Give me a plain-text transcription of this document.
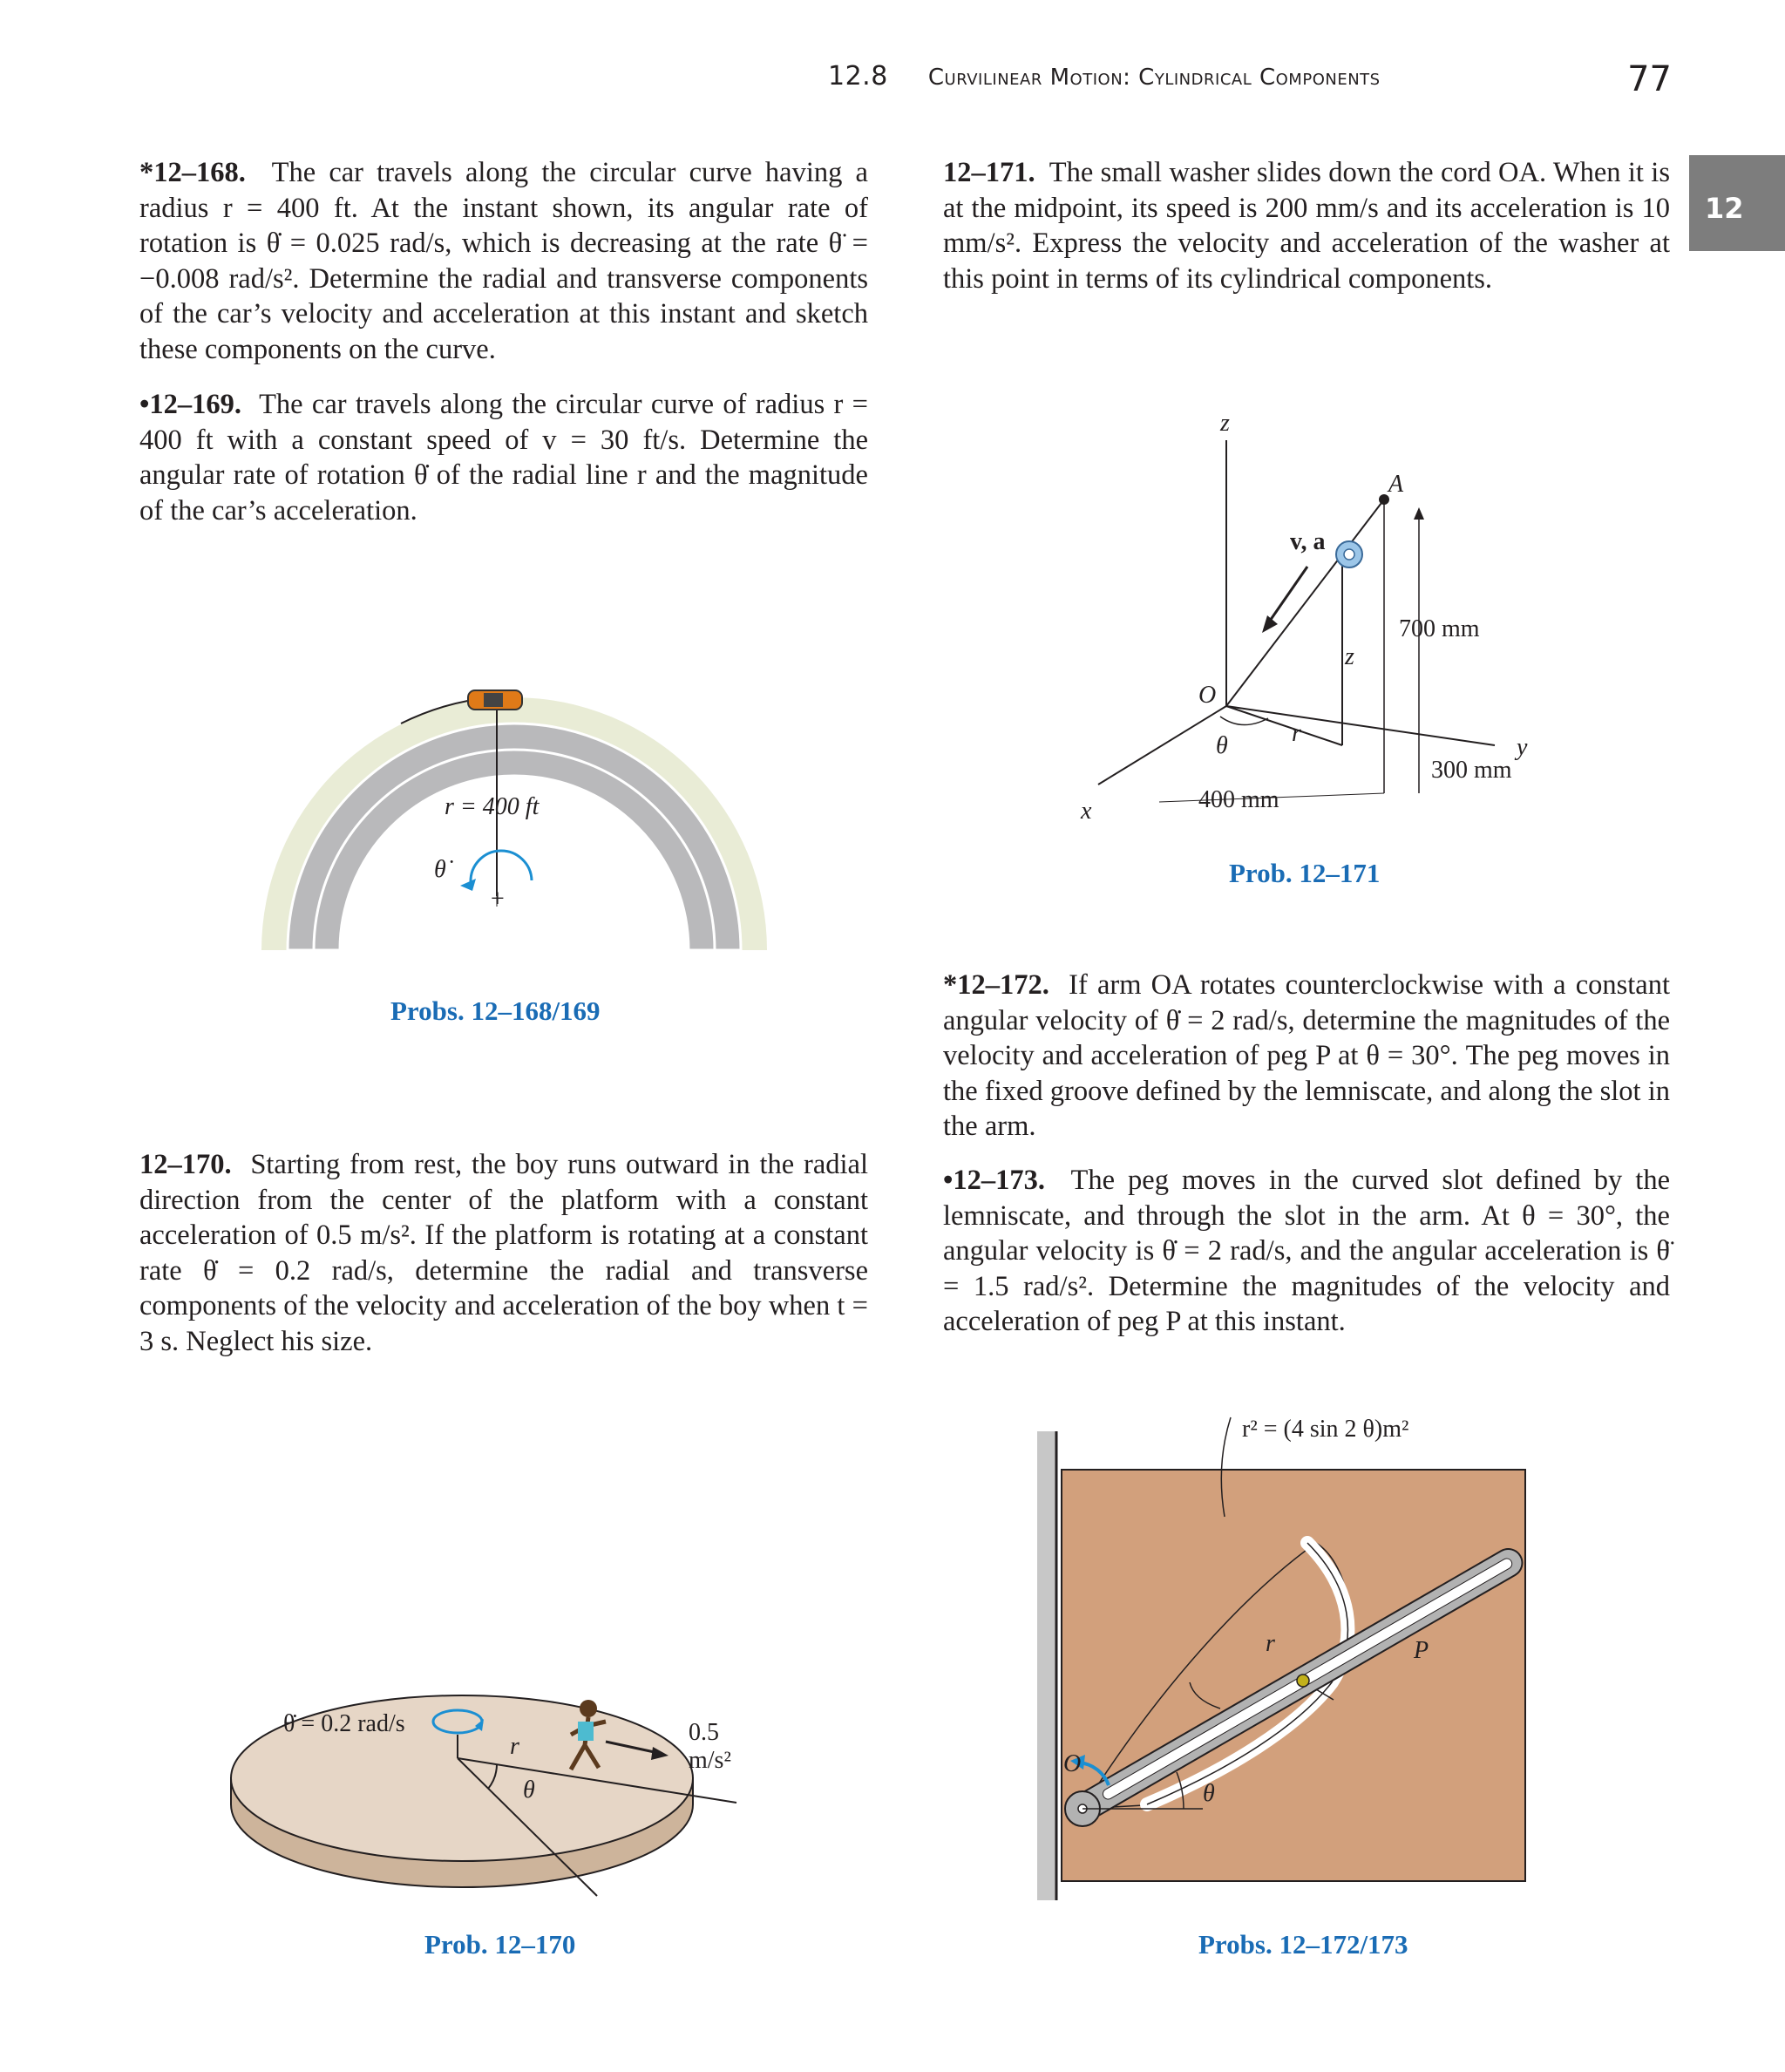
12.8 Curvilinear Motion: Cylindrical Components	77
12
*12–168. The car travels along the circular curve having a radius r = 400 ft. At the instant shown, its angular rate of rotation is θ̇ = 0.025 rad/s, which is decreasing at the rate θ̈ = −0.008 rad/s². Determine the radial and transverse components of the car’s velocity and acceleration at this instant and sketch these components on the curve.
•12–169. The car travels along the circular curve of radius r = 400 ft with a constant speed of v = 30 ft/s. Determine the angular rate of rotation θ̇ of the radial line r and the magnitude of the car’s acceleration.
r = 400 ft
θ̇
+
Probs. 12–168/169
12–170. Starting from rest, the boy runs outward in the radial direction from the center of the platform with a constant acceleration of 0.5 m/s². If the platform is rotating at a constant rate θ̇ = 0.2 rad/s, determine the radial and transverse components of the velocity and acceleration of the boy when t = 3 s. Neglect his size.
θ̇ = 0.2 rad/s	0.5 m/s²
r
θ
Prob. 12–170
12–171. The small washer slides down the cord OA. When it is at the midpoint, its speed is 200 mm/s and its acceleration is 10 mm/s². Express the velocity and acceleration of the washer at this point in terms of its cylindrical components.
z
A
v, a
700 mm
z
O
r
θ	y
300 mm
400 mm
x
Prob. 12–171
*12–172. If arm OA rotates counterclockwise with a constant angular velocity of θ̇ = 2 rad/s, determine the magnitudes of the velocity and acceleration of peg P at θ = 30°. The peg moves in the fixed groove defined by the lemniscate, and along the slot in the arm.
•12–173. The peg moves in the curved slot defined by the lemniscate, and through the slot in the arm. At θ = 30°, the angular velocity is θ̇ = 2 rad/s, and the angular acceleration is θ̈ = 1.5 rad/s². Determine the magnitudes of the velocity and acceleration of peg P at this instant.
r² = (4 sin 2 θ)m²
r	P
O
θ
Probs. 12–172/173
